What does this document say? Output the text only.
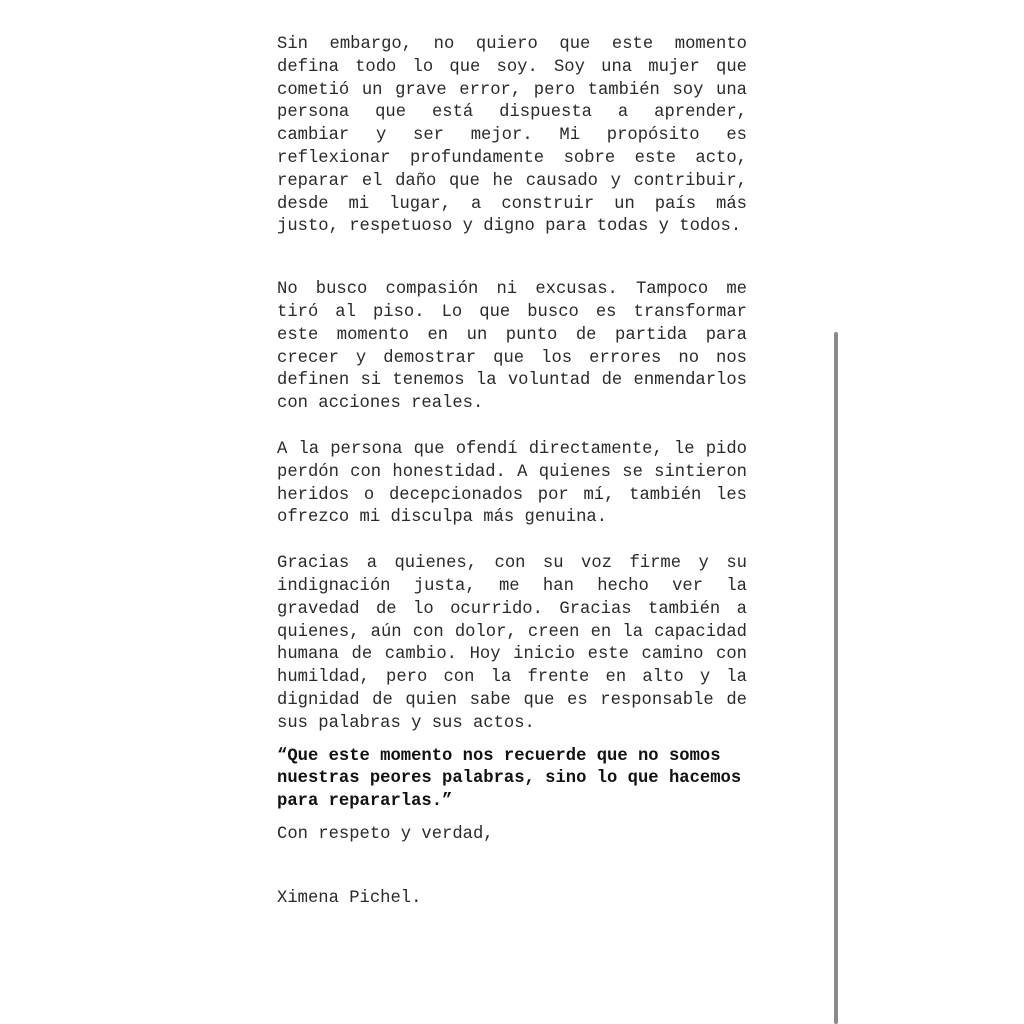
Sin embargo, no quiero que este momento defina todo lo que soy. Soy una mujer que cometió un grave error, pero también soy una persona que está dispuesta a aprender, cambiar y ser mejor. Mi propósito es reflexionar profundamente sobre este acto, reparar el daño que he causado y contribuir, desde mi lugar, a construir un país más justo, respetuoso y digno para todas y todos.

No busco compasión ni excusas. Tampoco me tiró al piso. Lo que busco es transformar este momento en un punto de partida para crecer y demostrar que los errores no nos definen si tenemos la voluntad de enmendarlos con acciones reales.

A la persona que ofendí directamente, le pido perdón con honestidad. A quienes se sintieron heridos o decepcionados por mí, también les ofrezco mi disculpa más genuina.

Gracias a quienes, con su voz firme y su indignación justa, me han hecho ver la gravedad de lo ocurrido. Gracias también a quienes, aún con dolor, creen en la capacidad humana de cambio. Hoy inicio este camino con humildad, pero con la frente en alto y la dignidad de quien sabe que es responsable de sus palabras y sus actos.

“Que este momento nos recuerde que no somos nuestras peores palabras, sino lo que hacemos para repararlas.”

Con respeto y verdad,

Ximena Pichel.
